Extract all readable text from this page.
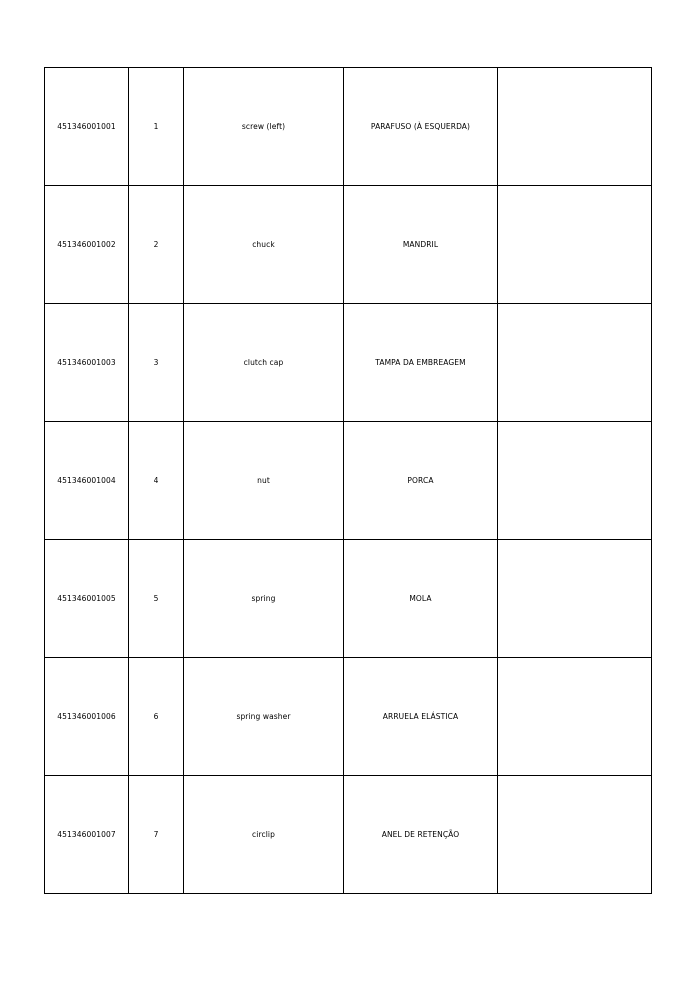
451346001001	1	screw (left)	PARAFUSO (À ESQUERDA)	
451346001002	2	chuck	MANDRIL	
451346001003	3	clutch cap	TAMPA DA EMBREAGEM	
451346001004	4	nut	PORCA	
451346001005	5	spring	MOLA	
451346001006	6	spring washer	ARRUELA ELÁSTICA	
451346001007	7	circlip	ANEL DE RETENÇÃO	
